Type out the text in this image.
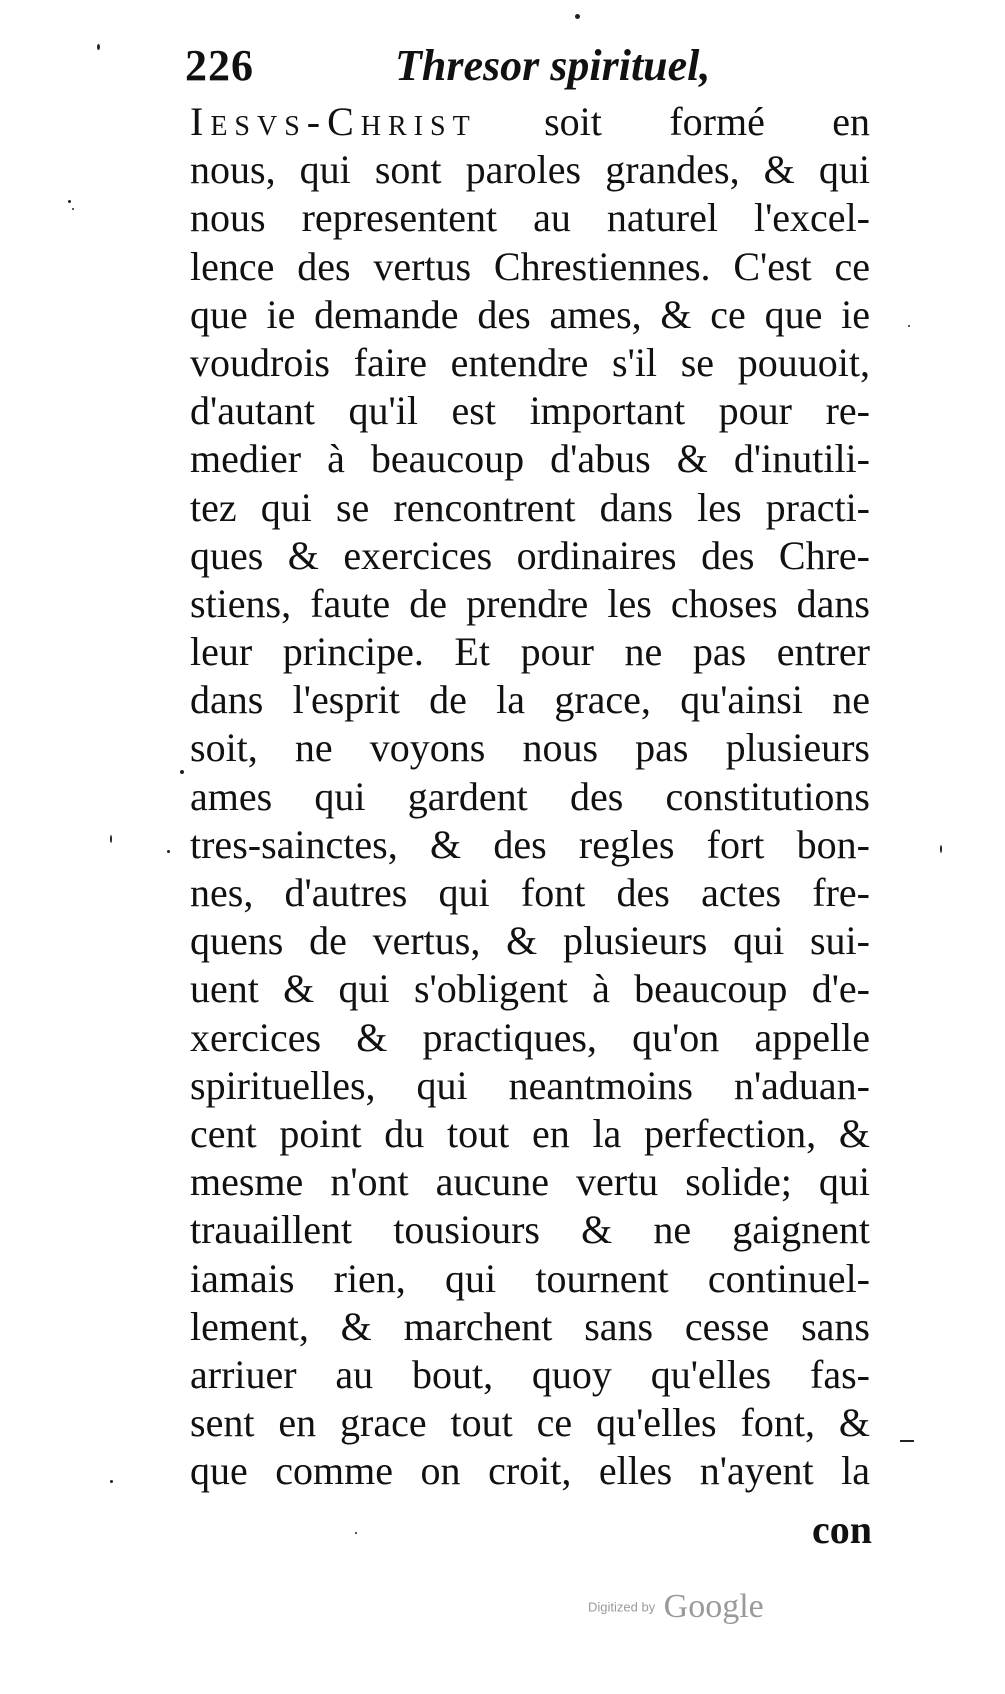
226	Thresor spirituel,
Iesvs-Christ soit formé en
nous, qui sont paroles grandes, & qui
nous representent au naturel l'excel-
lence des vertus Chrestiennes. C'est ce
que ie demande des ames, & ce que ie
voudrois faire entendre s'il se pouuoit,
d'autant qu'il est important pour re-
medier à beaucoup d'abus & d'inutili-
tez qui se rencontrent dans les practi-
ques & exercices ordinaires des Chre-
stiens, faute de prendre les choses dans
leur principe. Et pour ne pas entrer
dans l'esprit de la grace, qu'ainsi ne
soit, ne voyons nous pas plusieurs
ames qui gardent des constitutions
tres-sainctes, & des regles fort bon-
nes, d'autres qui font des actes fre-
quens de vertus, & plusieurs qui sui-
uent & qui s'obligent à beaucoup d'e-
xercices & practiques, qu'on appelle
spirituelles, qui neantmoins n'aduan-
cent point du tout en la perfection, &
mesme n'ont aucune vertu solide; qui
trauaillent tousiours & ne gaignent
iamais rien, qui tournent continuel-
lement, & marchent sans cesse sans
arriuer au bout, quoy qu'elles fas-
sent en grace tout ce qu'elles font, &
que comme on croit, elles n'ayent la
con
Digitized by Google
